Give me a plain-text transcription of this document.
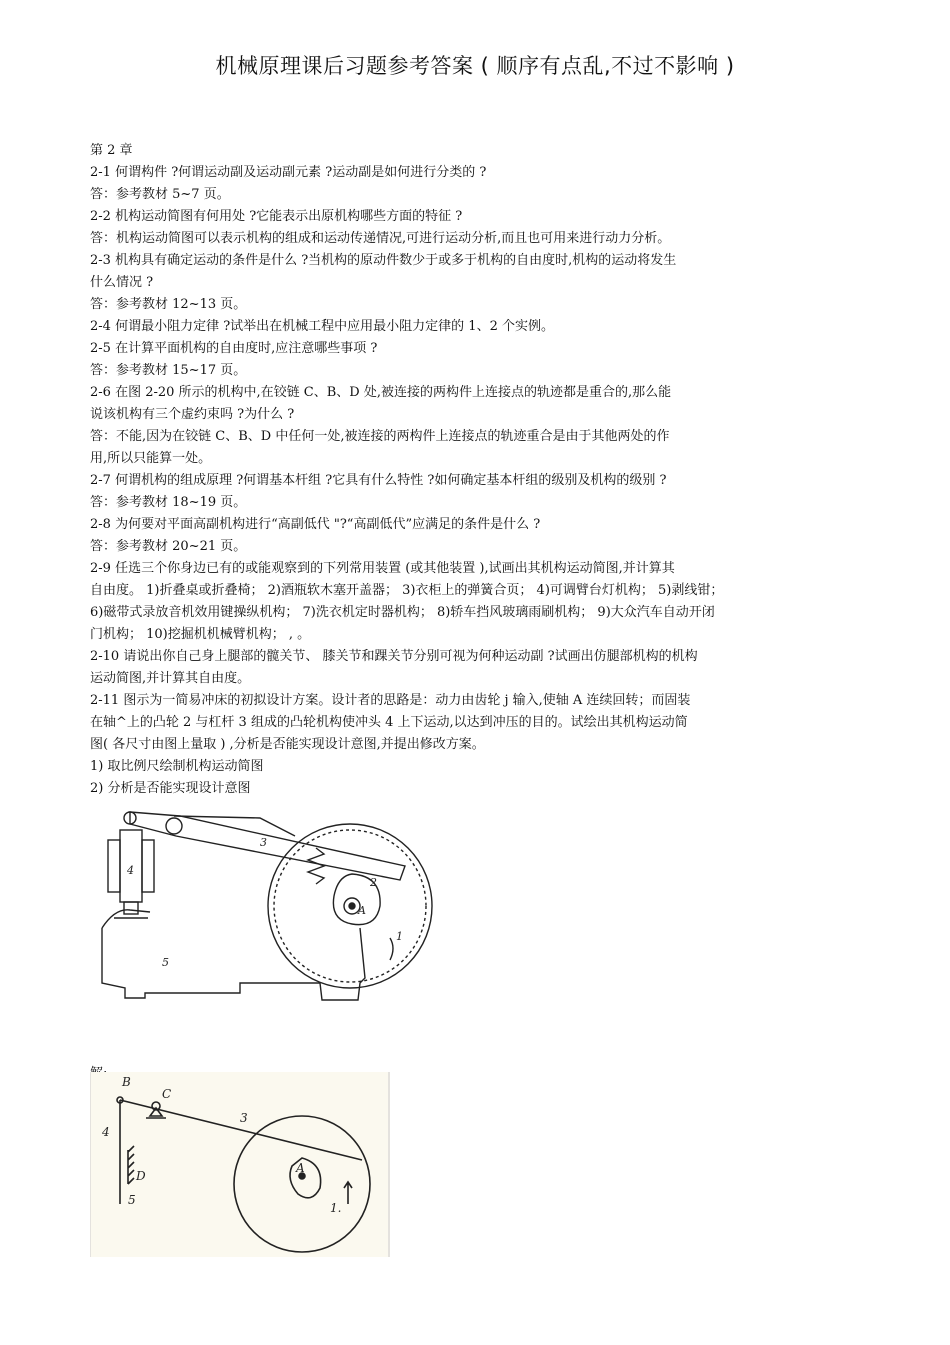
机械原理课后习题参考答案 ( 顺序有点乱,不过不影响 )
第 2 章
2-1 何谓构件 ?何谓运动副及运动副元素 ?运动副是如何进行分类的 ?
答：参考教材 5~7 页。
2-2 机构运动简图有何用处 ?它能表示出原机构哪些方面的特征 ?
答：机构运动简图可以表示机构的组成和运动传递情况,可进行运动分析,而且也可用来进行动力分析。
2-3 机构具有确定运动的条件是什么 ?当机构的原动件数少于或多于机构的自由度时,机构的运动将发生
什么情况 ?
答：参考教材 12~13 页。
2-4 何谓最小阻力定律 ?试举出在机械工程中应用最小阻力定律的 1、2 个实例。
2-5 在计算平面机构的自由度时,应注意哪些事项 ?
答：参考教材 15~17 页。
2-6 在图 2-20 所示的机构中,在铰链 C、B、D 处,被连接的两构件上连接点的轨迹都是重合的,那么能
说该机构有三个虚约束吗 ?为什么 ?
答：不能,因为在铰链 C、B、D 中任何一处,被连接的两构件上连接点的轨迹重合是由于其他两处的作
用,所以只能算一处。
2-7 何谓机构的组成原理 ?何谓基本杆组 ?它具有什么特性 ?如何确定基本杆组的级别及机构的级别 ?
答：参考教材 18~19 页。
2-8 为何要对平面高副机构进行“高副低代 "?“高副低代”应满足的条件是什么 ?
答：参考教材 20~21 页。
2-9 任选三个你身边已有的或能观察到的下列常用装置 (或其他装置 ),试画出其机构运动简图,并计算其
自由度。 1)折叠桌或折叠椅； 2)酒瓶软木塞开盖器； 3)衣柜上的弹簧合页； 4)可调臂台灯机构； 5)剥线钳；
6)磁带式录放音机效用键操纵机构； 7)洗衣机定时器机构； 8)轿车挡风玻璃雨刷机构； 9)大众汽车自动开闭
门机构； 10)挖掘机机械臂机构； , 。
2-10 请说出你自己身上腿部的髋关节、 膝关节和踝关节分别可视为何种运动副 ?试画出仿腿部机构的机构
运动简图,并计算其自由度。
2-11 图示为一简易冲床的初拟设计方案。设计者的思路是：动力由齿轮 j 输入,使轴 A 连续回转；而固装
在轴^上的凸轮 2 与杠杆 3 组成的凸轮机构使冲头 4 上下运动,以达到冲压的目的。试绘出其机构运动简
图( 各尺寸由图上量取 ) ,分析是否能实现设计意图,并提出修改方案。
1) 取比例尺绘制机构运动简图
2) 分析是否能实现设计意图
4
3
2
A
1
5
B
C
3
4
D
5
A
1.
